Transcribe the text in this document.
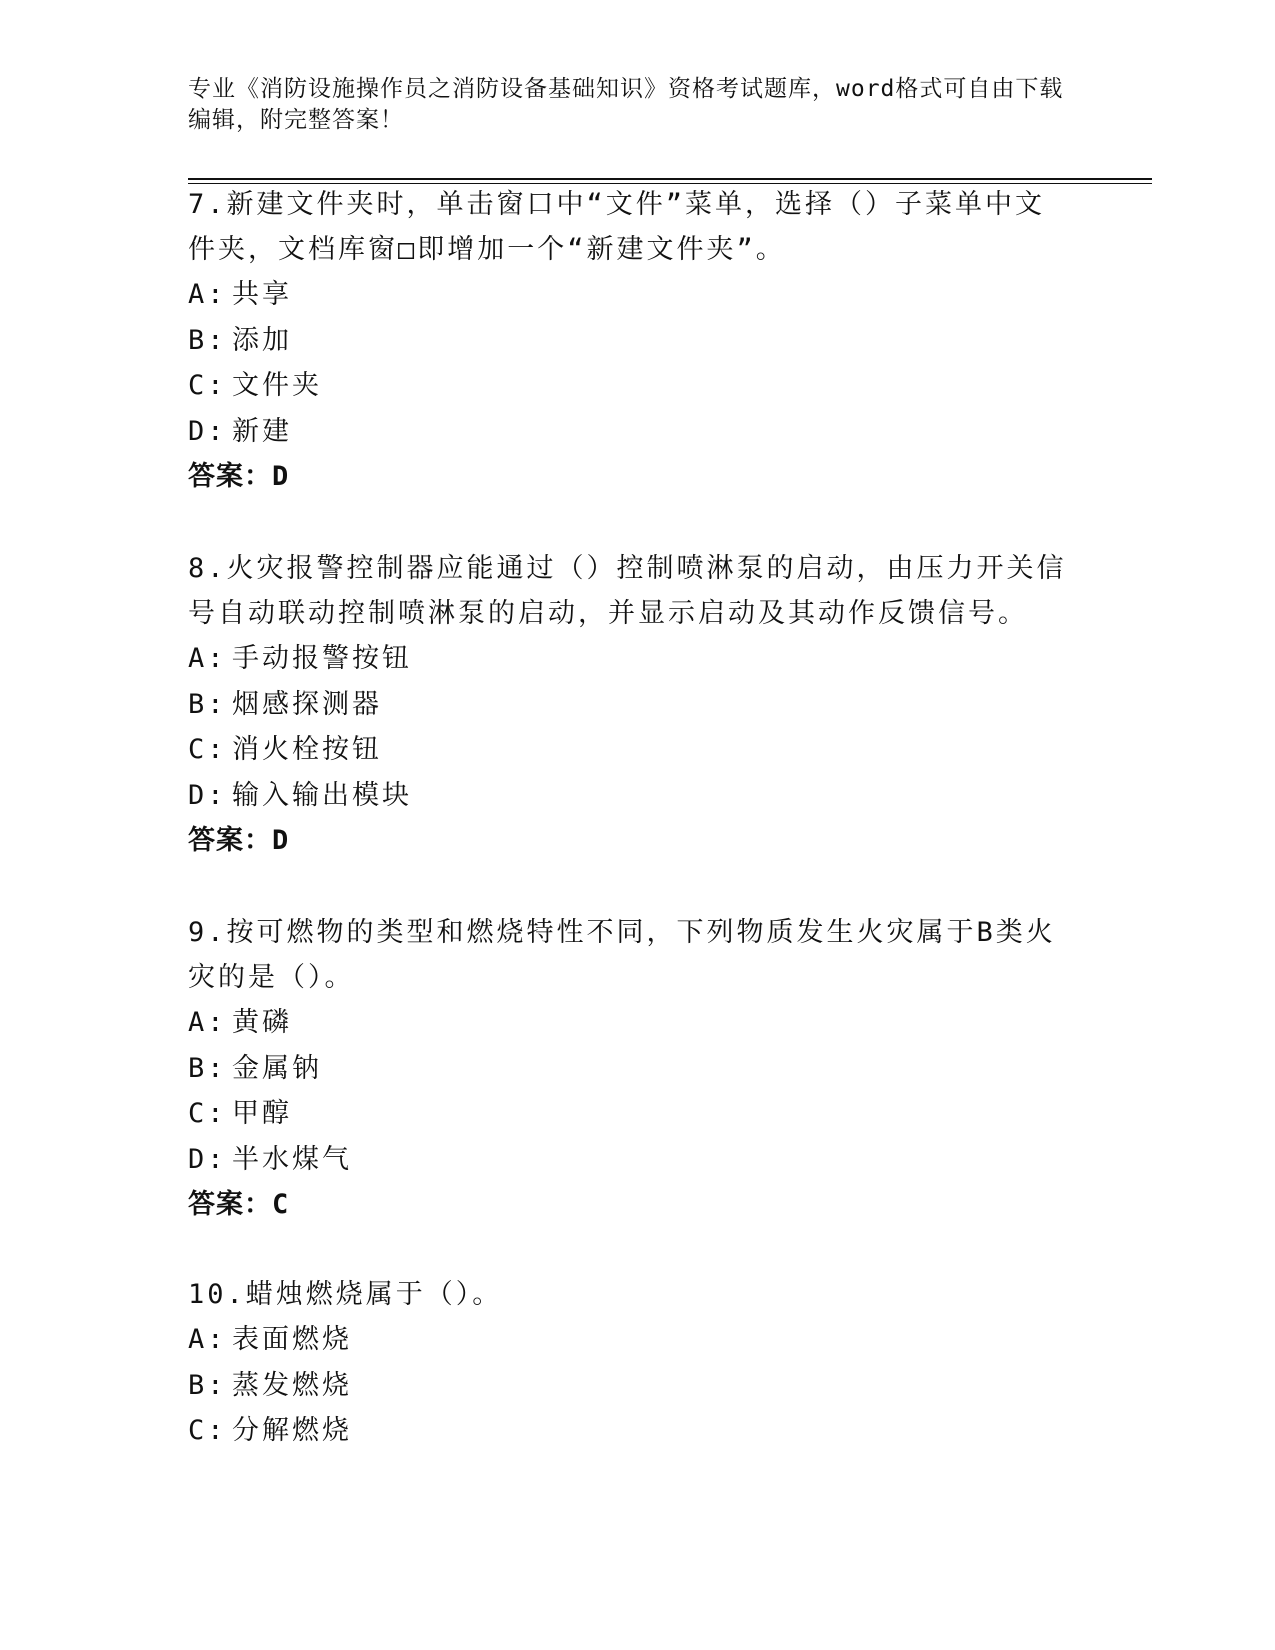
专业《消防设施操作员之消防设备基础知识》资格考试题库，word格式可自由下载编辑，附完整答案！
7.新建文件夹时，单击窗口中“文件”菜单，选择（）子菜单中文件夹，文档库窗□即增加一个“新建文件夹”。
A: 共享
B: 添加
C: 文件夹
D: 新建
答案：D
8.火灾报警控制器应能通过（）控制喷淋泵的启动，由压力开关信号自动联动控制喷淋泵的启动，并显示启动及其动作反馈信号。
A: 手动报警按钮
B: 烟感探测器
C: 消火栓按钮
D: 输入输出模块
答案：D
9.按可燃物的类型和燃烧特性不同，下列物质发生火灾属于B类火灾的是（）。
A: 黄磷
B: 金属钠
C: 甲醇
D: 半水煤气
答案：C
10.蜡烛燃烧属于（）。
A: 表面燃烧
B: 蒸发燃烧
C: 分解燃烧
